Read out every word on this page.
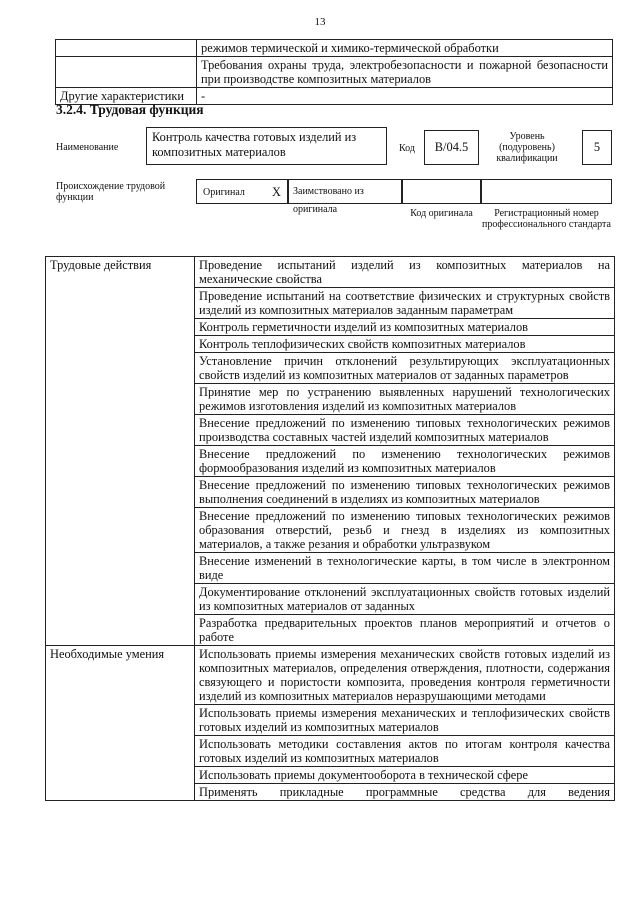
13
	режимов термической и химико-термической обработки
	Требования охраны труда, электробезопасности и пожарной безопасности при производстве композитных материалов
Другие характеристики	-
3.2.4. Трудовая функция
Наименование
Контроль качества готовых изделий из композитных материалов	Код	B/04.5
Уровень (подуровень) квалификации
5
Происхождение трудовой функции	Оригинал X	Заимствовано из оригинала	Код оригинала	Регистрационный номер профессионального стандарта
Трудовые действия	Проведение испытаний изделий из композитных материалов на механические свойства
	Проведение испытаний на соответствие физических и структурных свойств изделий из композитных материалов заданным параметрам
	Контроль герметичности изделий из композитных материалов
	Контроль теплофизических свойств композитных материалов
	Установление причин отклонений результирующих эксплуатационных свойств изделий из композитных материалов от заданных параметров
	Принятие мер по устранению выявленных нарушений технологических режимов изготовления изделий из композитных материалов
	Внесение предложений по изменению типовых технологических режимов производства составных частей изделий композитных материалов
	Внесение предложений по изменению технологических режимов формообразования изделий из композитных материалов
	Внесение предложений по изменению типовых технологических режимов выполнения соединений в изделиях из композитных материалов
	Внесение предложений по изменению типовых технологических режимов образования отверстий, резьб и гнезд в изделиях из композитных материалов, а также резания и обработки ультразвуком
	Внесение изменений в технологические карты, в том числе в электронном виде
	Документирование отклонений эксплуатационных свойств готовых изделий из композитных материалов от заданных
	Разработка предварительных проектов планов мероприятий и отчетов о работе
Необходимые умения	Использовать приемы измерения механических свойств готовых изделий из композитных материалов, определения отверждения, плотности, содержания связующего и пористости композита, проведения контроля герметичности изделий из композитных материалов неразрушающими методами
	Использовать приемы измерения механических и теплофизических свойств готовых изделий из композитных материалов
	Использовать методики составления актов по итогам контроля качества готовых изделий из композитных материалов
	Использовать приемы документооборота в технической сфере
	Применять прикладные программные средства для ведения
